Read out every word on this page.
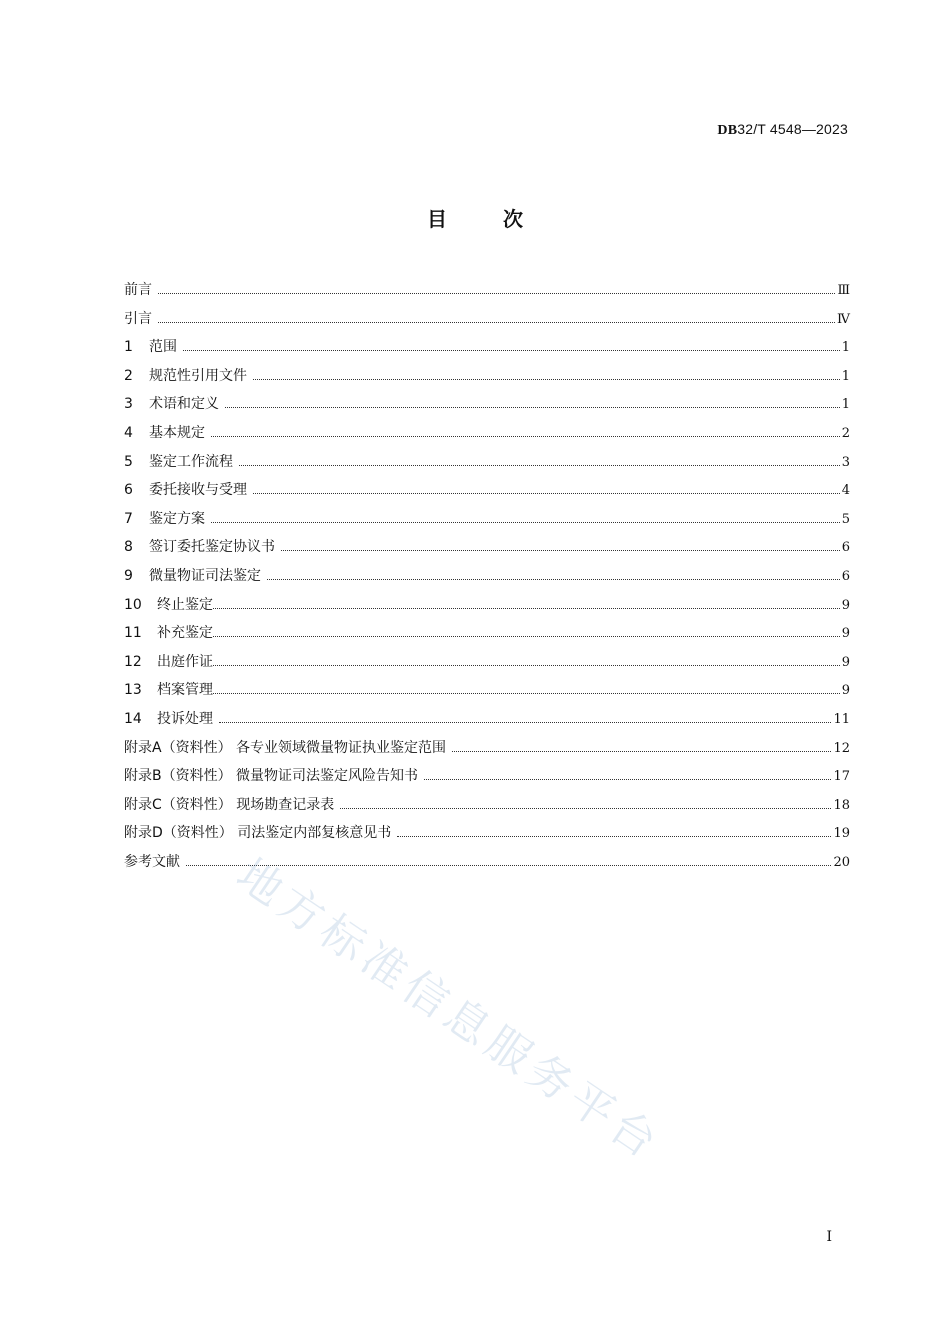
DB32/T 4548—2023
目次
前言	Ⅲ
引言	Ⅳ
1	范围	1
2	规范性引用文件	1
3	术语和定义	1
4	基本规定	2
5	鉴定工作流程	3
6	委托接收与受理	4
7	鉴定方案	5
8	签订委托鉴定协议书	6
9	微量物证司法鉴定	6
10	终止鉴定	9
11	补充鉴定	9
12	出庭作证	9
13	档案管理	9
14	投诉处理	11
附录A（资料性） 各专业领域微量物证执业鉴定范围	12
附录B（资料性） 微量物证司法鉴定风险告知书	17
附录C（资料性） 现场勘查记录表	18
附录D（资料性） 司法鉴定内部复核意见书	19
参考文献	20
地方标准信息服务平台
I
